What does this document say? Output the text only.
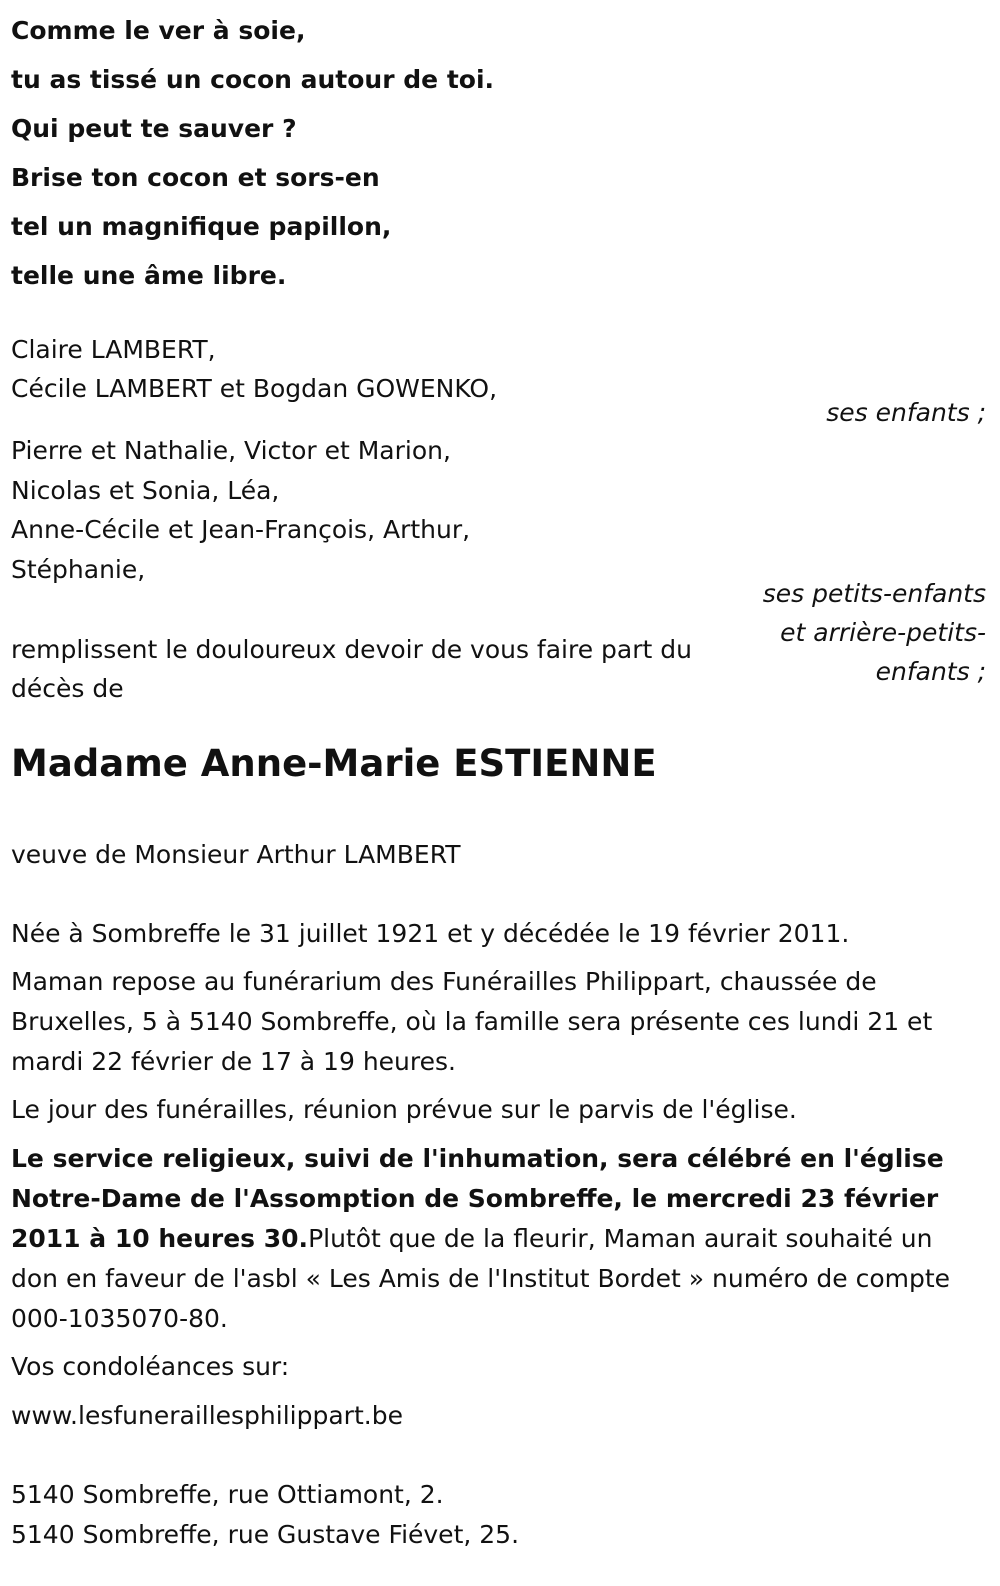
Comme le ver à soie,
tu as tissé un cocon autour de toi.
Qui peut te sauver ?
Brise ton cocon et sors-en
tel un magnifique papillon,
telle une âme libre.
Claire LAMBERT,
Cécile LAMBERT et Bogdan GOWENKO,
ses enfants ;
Pierre et Nathalie, Victor et Marion,
Nicolas et Sonia, Léa,
Anne-Cécile et Jean-François, Arthur,
Stéphanie,
ses petits-enfants
et arrière-petits-
enfants ;
remplissent le douloureux devoir de vous faire part du
décès de
Madame Anne-Marie ESTIENNE
veuve de Monsieur Arthur LAMBERT
Née à Sombreffe le 31 juillet 1921 et y décédée le 19 février 2011.
Maman repose au funérarium des Funérailles Philippart, chaussée de Bruxelles, 5 à 5140 Sombreffe, où la famille sera présente ces lundi 21 et mardi 22 février de 17 à 19 heures.
Le jour des funérailles, réunion prévue sur le parvis de l'église.
Le service religieux, suivi de l'inhumation, sera célébré en l'église Notre-Dame de l'Assomption de Sombreffe, le mercredi 23 février 2011 à 10 heures 30.Plutôt que de la fleurir, Maman aurait souhaité un don en faveur de l'asbl « Les Amis de l'Institut Bordet » numéro de compte 000-1035070-80.
Vos condoléances sur:
www.lesfuneraillesphilippart.be
5140 Sombreffe, rue Ottiamont, 2.
5140 Sombreffe, rue Gustave Fiévet, 25.
